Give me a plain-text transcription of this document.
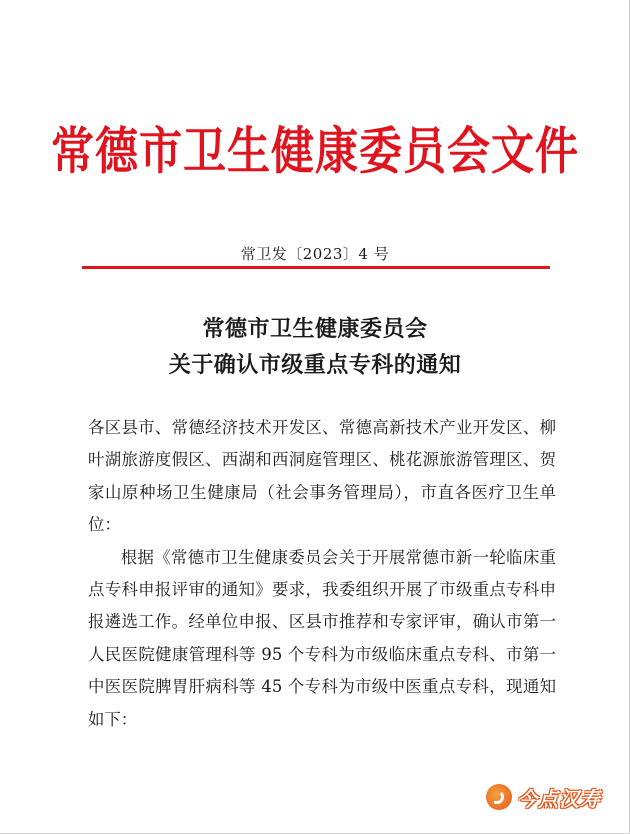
常德市卫生健康委员会文件
常卫发〔2023〕4 号
常德市卫生健康委员会
关于确认市级重点专科的通知

各区县市、常德经济技术开发区、常德高新技术产业开发区、柳

叶湖旅游度假区、西湖和西洞庭管理区、桃花源旅游管理区、贺

家山原种场卫生健康局（社会事务管理局），市直各医疗卫生单

位：

根据《常德市卫生健康委员会关于开展常德市新一轮临床重

点专科申报评审的通知》要求，我委组织开展了市级重点专科申

报遴选工作。经单位申报、区县市推荐和专家评审，确认市第一

人民医院健康管理科等 95 个专科为市级临床重点专科、市第一

中医医院脾胃肝病科等 45 个专科为市级中医重点专科，现通知

如下：

今点汉寿
